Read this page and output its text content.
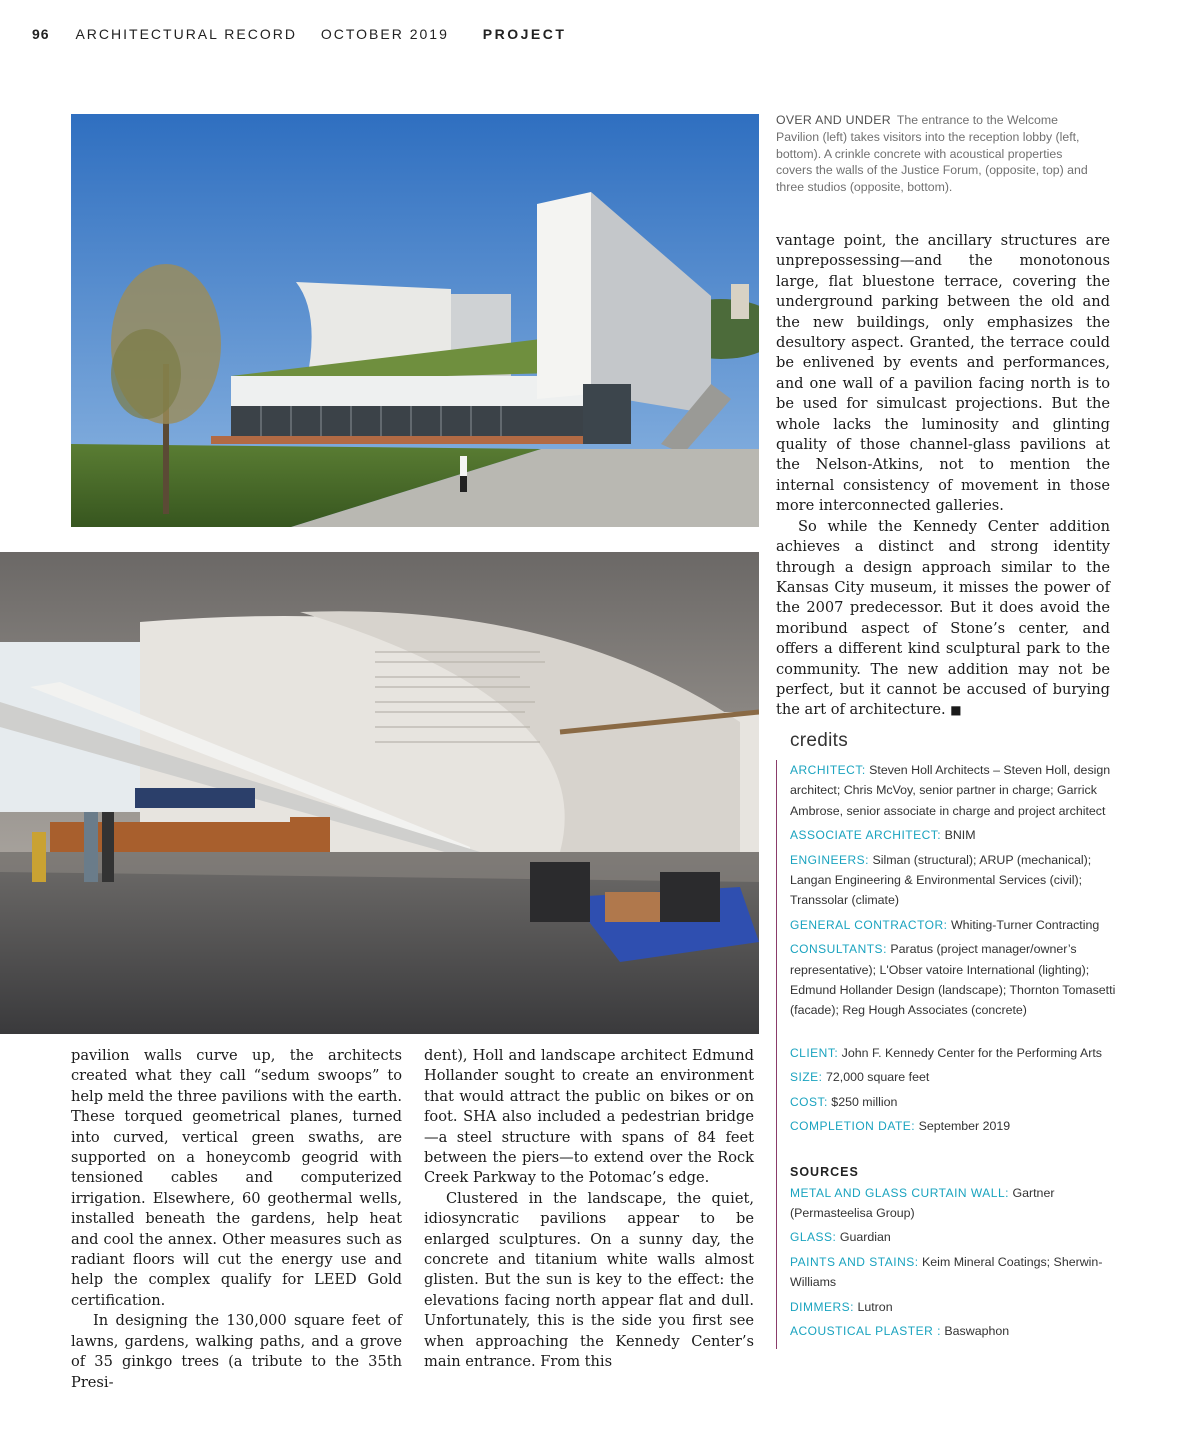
96 ARCHITECTURAL RECORD OCTOBER 2019 PROJECT
OVER AND UNDER The entrance to the Welcome Pavilion (left) takes visitors into the reception lobby (left, bottom). A crinkle concrete with acoustical properties covers the walls of the Justice Forum, (opposite, top) and three studios (opposite, bottom).

vantage point, the ancillary structures are unprepossessing—and the monotonous large, flat bluestone terrace, covering the underground parking between the old and the new buildings, only emphasizes the desultory aspect. Granted, the terrace could be enlivened by events and performances, and one wall of a pavilion facing north is to be used for simulcast projections. But the whole lacks the luminosity and glinting quality of those channel-glass pavilions at the Nelson-Atkins, not to mention the internal consistency of movement in those more interconnected galleries.

So while the Kennedy Center addition achieves a distinct and strong identity through a design approach similar to the Kansas City museum, it misses the power of the 2007 predecessor. But it does avoid the moribund aspect of Stone’s center, and offers a different kind sculptural park to the community. The new addition may not be perfect, but it cannot be accused of burying the art of architecture. ■

pavilion walls curve up, the architects created what they call “sedum swoops” to help meld the three pavilions with the earth. These torqued geometrical planes, turned into curved, vertical green swaths, are supported on a honeycomb geogrid with tensioned cables and computerized irrigation. Elsewhere, 60 geothermal wells, installed beneath the gardens, help heat and cool the annex. Other measures such as radiant floors will cut the energy use and help the complex qualify for LEED Gold certification.

In designing the 130,000 square feet of lawns, gardens, walking paths, and a grove of 35 ginkgo trees (a tribute to the 35th Presi-

dent), Holl and landscape architect Edmund Hollander sought to create an environment that would attract the public on bikes or on foot. SHA also included a pedestrian bridge—a steel structure with spans of 84 feet between the piers—to extend over the Rock Creek Parkway to the Potomac’s edge.

Clustered in the landscape, the quiet, idiosyncratic pavilions appear to be enlarged sculptures. On a sunny day, the concrete and titanium white walls almost glisten. But the sun is key to the effect: the elevations facing north appear flat and dull. Unfortunately, this is the side you first see when approaching the Kennedy Center’s main entrance. From this

credits
ARCHITECT: Steven Holl Architects – Steven Holl, design architect; Chris McVoy, senior partner in charge; Garrick Ambrose, senior associate in charge and project architect
ASSOCIATE ARCHITECT: BNIM
ENGINEERS: Silman (structural); ARUP (mechanical); Langan Engineering & Environmental Services (civil); Transsolar (climate)
GENERAL CONTRACTOR: Whiting-Turner Contracting
CONSULTANTS: Paratus (project manager/owner’s representative); L'Obser vatoire International (lighting); Edmund Hollander Design (landscape); Thornton Tomasetti (facade); Reg Hough Associates (concrete)
CLIENT: John F. Kennedy Center for the Performing Arts
SIZE: 72,000 square feet
COST: $250 million
COMPLETION DATE: September 2019
SOURCES
METAL AND GLASS CURTAIN WALL: Gartner (Permasteelisa Group)
GLASS: Guardian
PAINTS AND STAINS: Keim Mineral Coatings; Sherwin-Williams
DIMMERS: Lutron
ACOUSTICAL PLASTER : Baswaphon
